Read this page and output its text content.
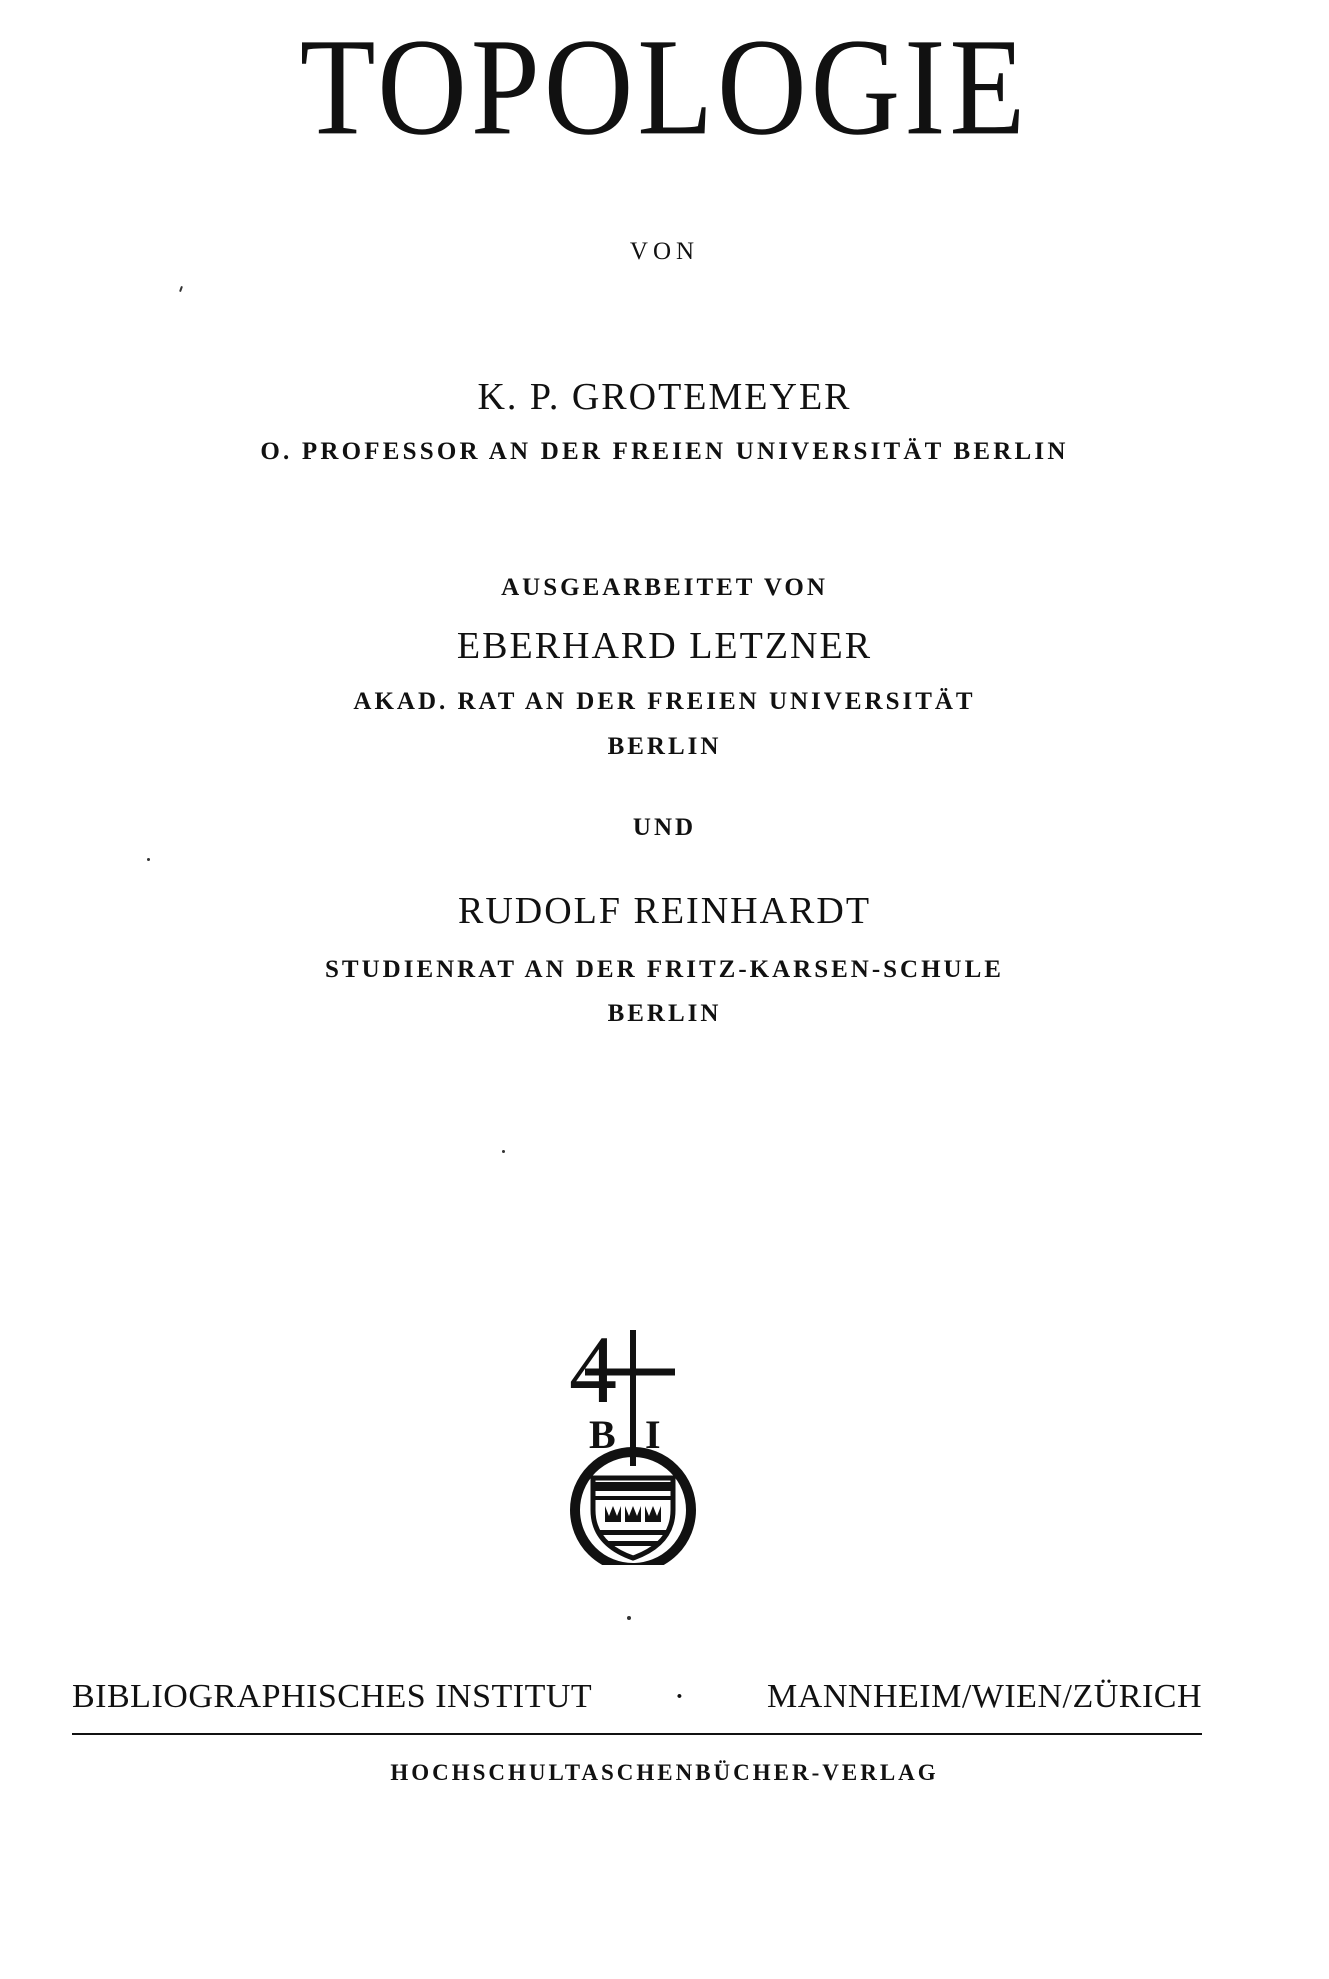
TOPOLOGIE
VON
K. P. GROTEMEYER
O. PROFESSOR AN DER FREIEN UNIVERSITÄT BERLIN
AUSGEARBEITET VON
EBERHARD LETZNER
AKAD. RAT AN DER FREIEN UNIVERSITÄT
BERLIN
UND
RUDOLF REINHARDT
STUDIENRAT AN DER FRITZ-KARSEN-SCHULE
BERLIN
4
B I
BIBLIOGRAPHISCHES INSTITUT · MANNHEIM/WIEN/ZÜRICH
HOCHSCHULTASCHENBÜCHER-VERLAG
